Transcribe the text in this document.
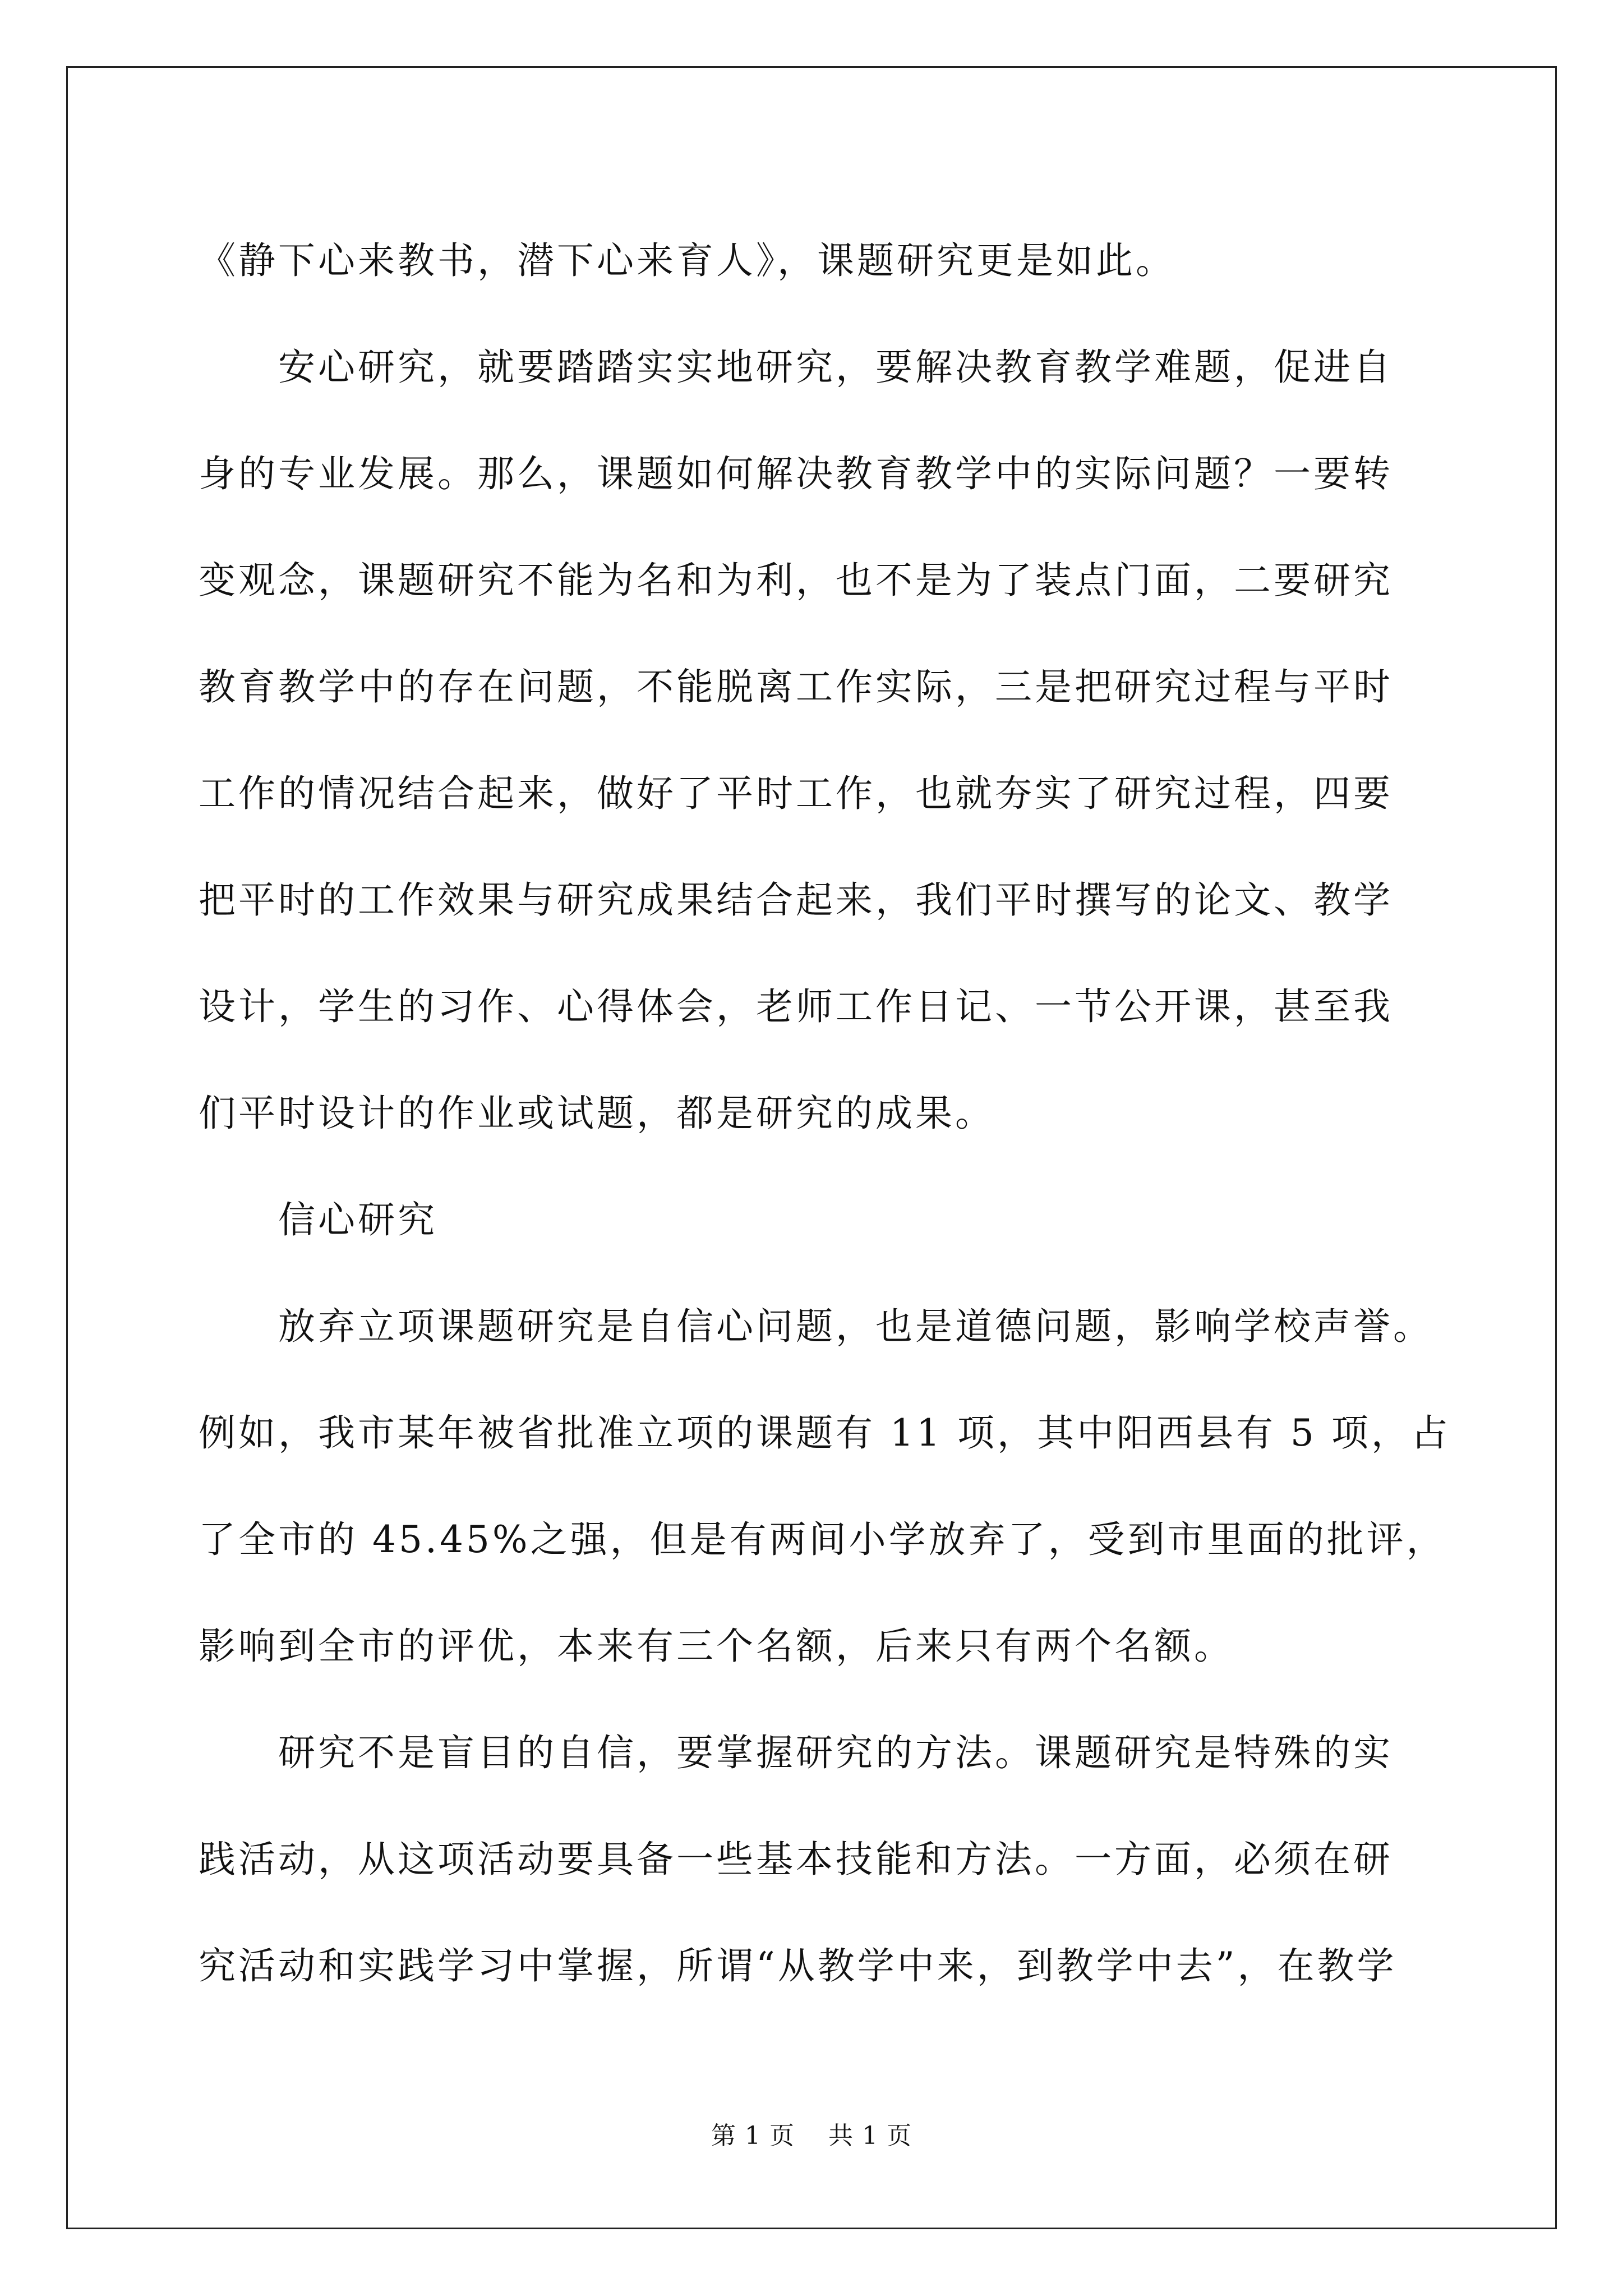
《静下心来教书，潜下心来育人》，课题研究更是如此。
安心研究，就要踏踏实实地研究，要解决教育教学难题，促进自
身的专业发展。那么，课题如何解决教育教学中的实际问题？一要转
变观念，课题研究不能为名和为利，也不是为了装点门面，二要研究
教育教学中的存在问题，不能脱离工作实际，三是把研究过程与平时
工作的情况结合起来，做好了平时工作，也就夯实了研究过程，四要
把平时的工作效果与研究成果结合起来，我们平时撰写的论文、教学
设计，学生的习作、心得体会，老师工作日记、一节公开课，甚至我
们平时设计的作业或试题，都是研究的成果。
信心研究
放弃立项课题研究是自信心问题，也是道德问题，影响学校声誉。
例如，我市某年被省批准立项的课题有 11 项，其中阳西县有 5 项，占
了全市的 45.45%之强，但是有两间小学放弃了，受到市里面的批评，
影响到全市的评优，本来有三个名额，后来只有两个名额。
研究不是盲目的自信，要掌握研究的方法。课题研究是特殊的实
践活动，从这项活动要具备一些基本技能和方法。一方面，必须在研
究活动和实践学习中掌握，所谓“从教学中来，到教学中去”，在教学
第 1 页 共 1 页
